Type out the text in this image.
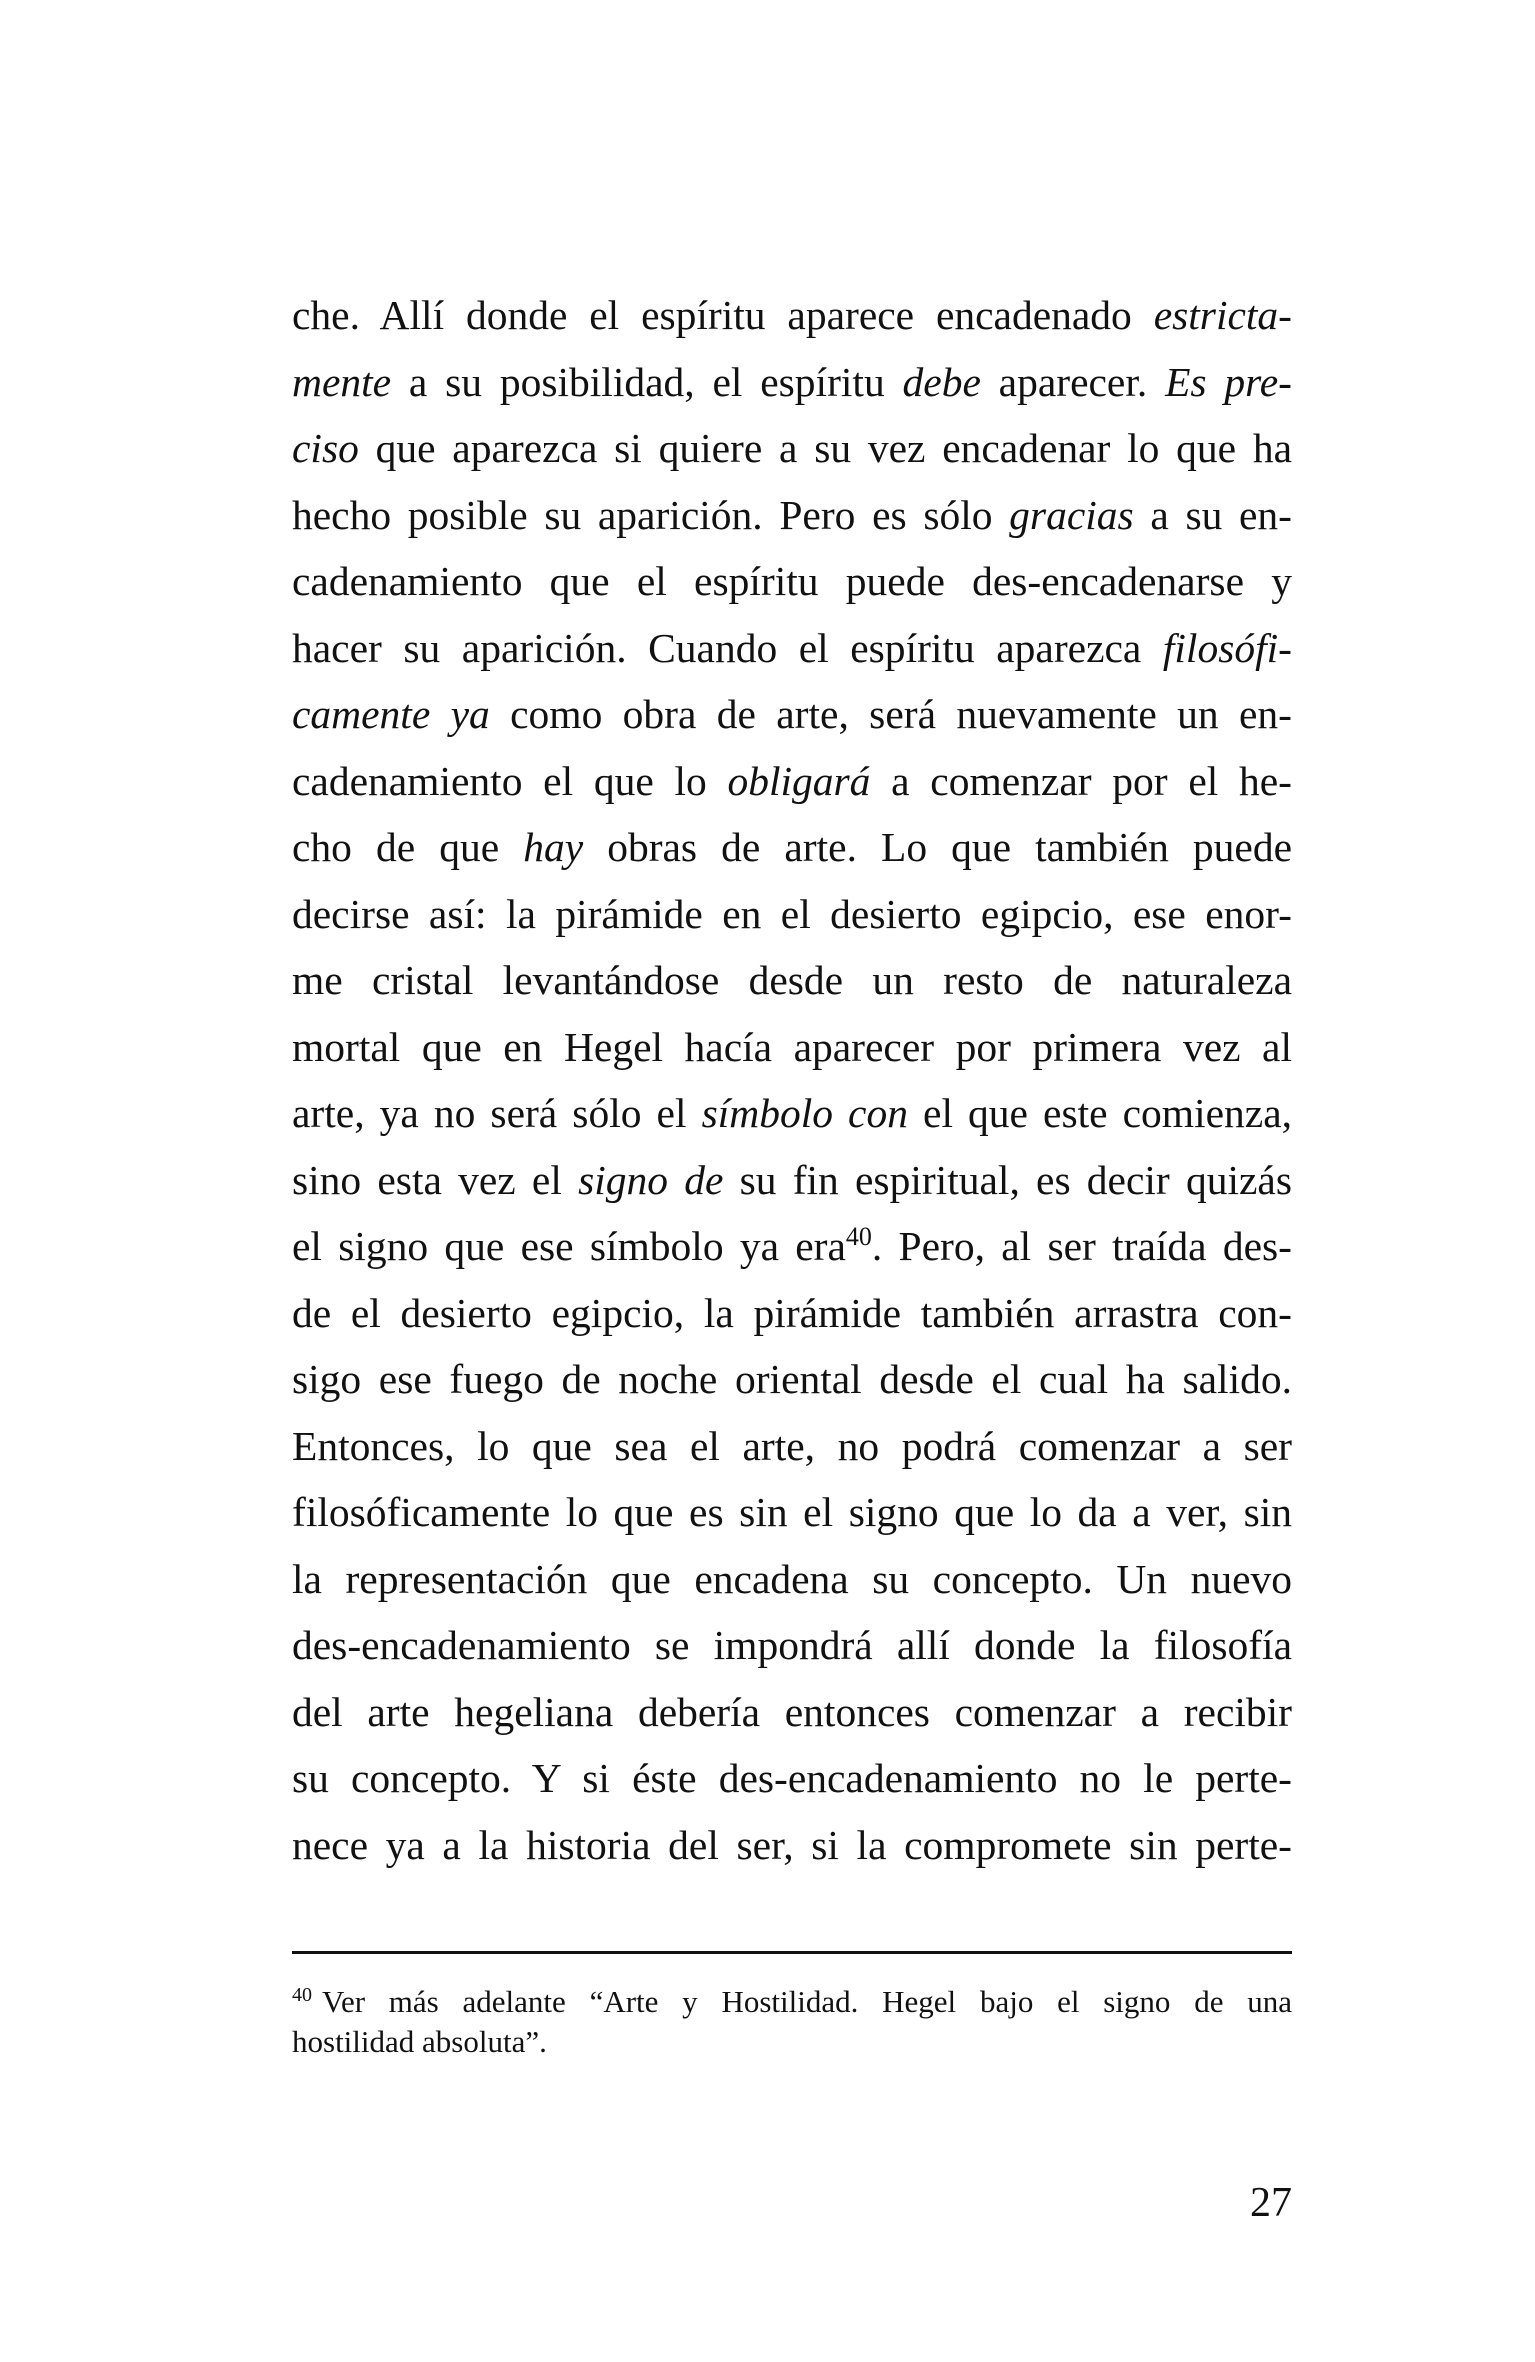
che. Allí donde el espíritu aparece encadenado estricta-
mente a su posibilidad, el espíritu debe aparecer. Es pre-
ciso que aparezca si quiere a su vez encadenar lo que ha
hecho posible su aparición. Pero es sólo gracias a su en-
cadenamiento que el espíritu puede des-encadenarse y
hacer su aparición. Cuando el espíritu aparezca filosófi-
camente ya como obra de arte, será nuevamente un en-
cadenamiento el que lo obligará a comenzar por el he-
cho de que hay obras de arte. Lo que también puede
decirse así: la pirámide en el desierto egipcio, ese enor-
me cristal levantándose desde un resto de naturaleza
mortal que en Hegel hacía aparecer por primera vez al
arte, ya no será sólo el símbolo con el que este comienza,
sino esta vez el signo de su fin espiritual, es decir quizás
el signo que ese símbolo ya era$^{40}$. Pero, al ser traída des-
de el desierto egipcio, la pirámide también arrastra con-
sigo ese fuego de noche oriental desde el cual ha salido.
Entonces, lo que sea el arte, no podrá comenzar a ser
filosóficamente lo que es sin el signo que lo da a ver, sin
la representación que encadena su concepto. Un nuevo
des-encadenamiento se impondrá allí donde la filosofía
del arte hegeliana debería entonces comenzar a recibir
su concepto. Y si éste des-encadenamiento no le perte-
nece ya a la historia del ser, si la compromete sin perte-
$^{40}$ Ver más adelante “Arte y Hostilidad. Hegel bajo el signo de una
hostilidad absoluta”.
27
